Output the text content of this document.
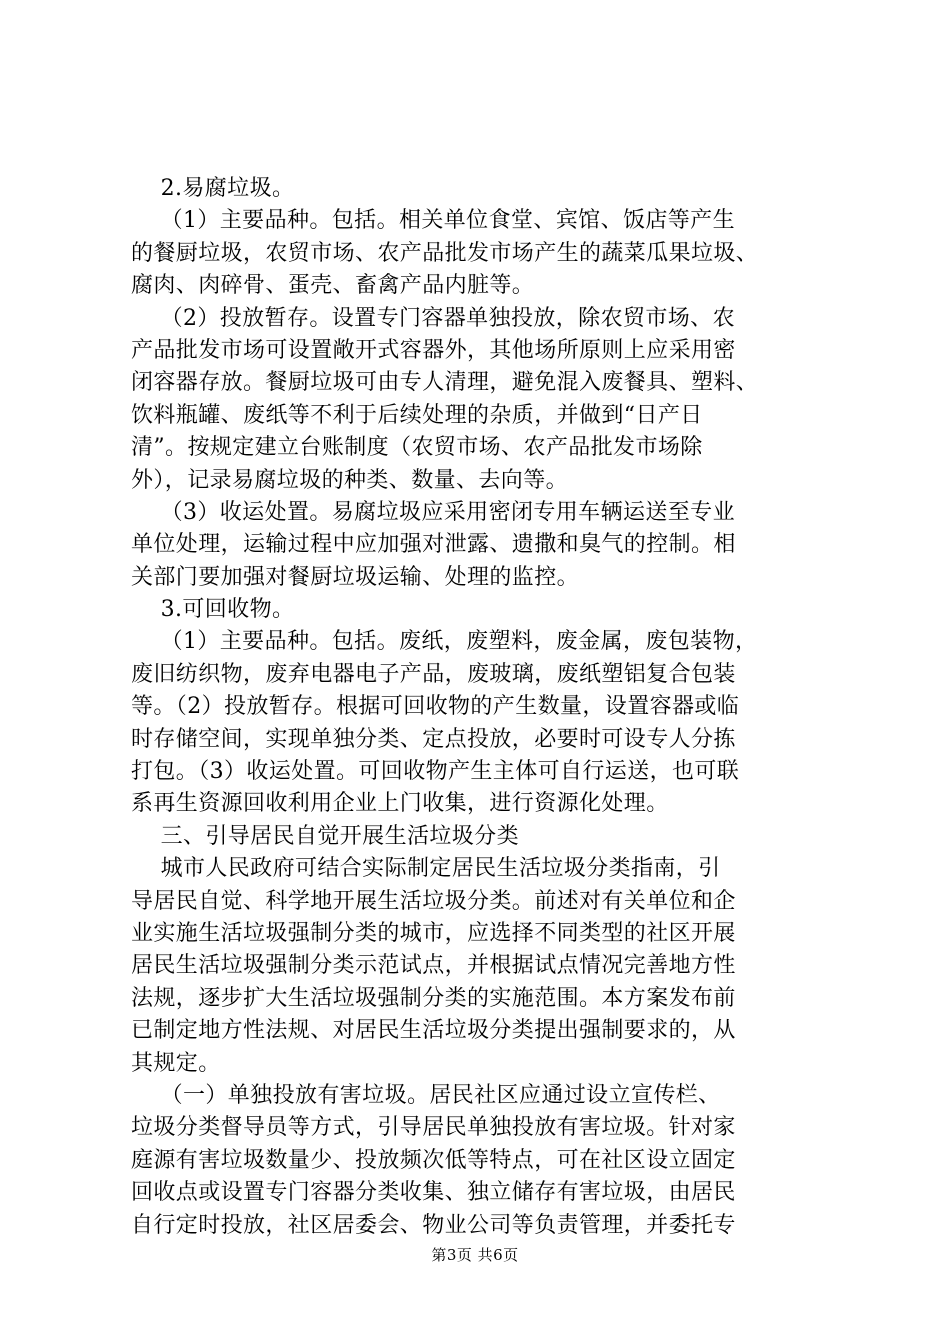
2.易腐垃圾。
（1）主要品种。包括。相关单位食堂、宾馆、饭店等产生
的餐厨垃圾，农贸市场、农产品批发市场产生的蔬菜瓜果垃圾、
腐肉、肉碎骨、蛋壳、畜禽产品内脏等。
（2）投放暂存。设置专门容器单独投放，除农贸市场、农
产品批发市场可设置敞开式容器外，其他场所原则上应采用密
闭容器存放。餐厨垃圾可由专人清理，避免混入废餐具、塑料、
饮料瓶罐、废纸等不利于后续处理的杂质，并做到“日产日
清”。按规定建立台账制度（农贸市场、农产品批发市场除
外），记录易腐垃圾的种类、数量、去向等。
（3）收运处置。易腐垃圾应采用密闭专用车辆运送至专业
单位处理，运输过程中应加强对泄露、遗撒和臭气的控制。相
关部门要加强对餐厨垃圾运输、处理的监控。
3.可回收物。
（1）主要品种。包括。废纸，废塑料，废金属，废包装物，
废旧纺织物，废弃电器电子产品，废玻璃，废纸塑铝复合包装
等。（2）投放暂存。根据可回收物的产生数量，设置容器或临
时存储空间，实现单独分类、定点投放，必要时可设专人分拣
打包。（3）收运处置。可回收物产生主体可自行运送，也可联
系再生资源回收利用企业上门收集，进行资源化处理。
三、引导居民自觉开展生活垃圾分类
城市人民政府可结合实际制定居民生活垃圾分类指南，引
导居民自觉、科学地开展生活垃圾分类。前述对有关单位和企
业实施生活垃圾强制分类的城市，应选择不同类型的社区开展
居民生活垃圾强制分类示范试点，并根据试点情况完善地方性
法规，逐步扩大生活垃圾强制分类的实施范围。本方案发布前
已制定地方性法规、对居民生活垃圾分类提出强制要求的，从
其规定。
（一）单独投放有害垃圾。居民社区应通过设立宣传栏、
垃圾分类督导员等方式，引导居民单独投放有害垃圾。针对家
庭源有害垃圾数量少、投放频次低等特点，可在社区设立固定
回收点或设置专门容器分类收集、独立储存有害垃圾，由居民
自行定时投放，社区居委会、物业公司等负责管理，并委托专
第3页 共6页
